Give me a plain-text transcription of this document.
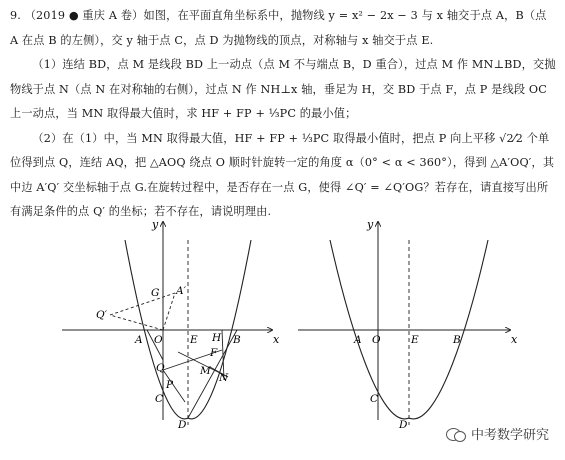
9. （2019 ● 重庆 A 卷）如图，在平面直角坐标系中，抛物线 y = x² − 2x − 3 与 x 轴交于点 A，B（点 A 在点 B 的左侧），交 y 轴于点 C，点 D 为抛物线的顶点，对称轴与 x 轴交于点 E.

（1）连结 BD，点 M 是线段 BD 上一动点（点 M 不与端点 B，D 重合），过点 M 作 MN⊥BD，交抛物线于点 N（点 N 在对称轴的右侧），过点 N 作 NH⊥x 轴，垂足为 H，交 BD 于点 F，点 P 是线段 OC 上一动点，当 MN 取得最大值时，求 HF + FP + ⅓PC 的最小值；

（2）在（1）中，当 MN 取得最大值，HF + FP + ⅓PC 取得最小值时，把点 P 向上平移 √2⁄2 个单位得到点 Q，连结 AQ，把 △AOQ 绕点 O 顺时针旋转一定的角度 α（0° < α < 360°），得到 △A′OQ′，其中边 A′Q′ 交坐标轴于点 G.在旋转过程中，是否存在一点 G，使得 ∠Q′ = ∠Q′OG？若存在，请直接写出所有满足条件的点 Q′ 的坐标；若不存在，请说明理由.

x
y
G A′
Q′
A O	E H B
F
Q	M
N
P
C
D
x
y
A O	E	B
C
D
中考数学研究
